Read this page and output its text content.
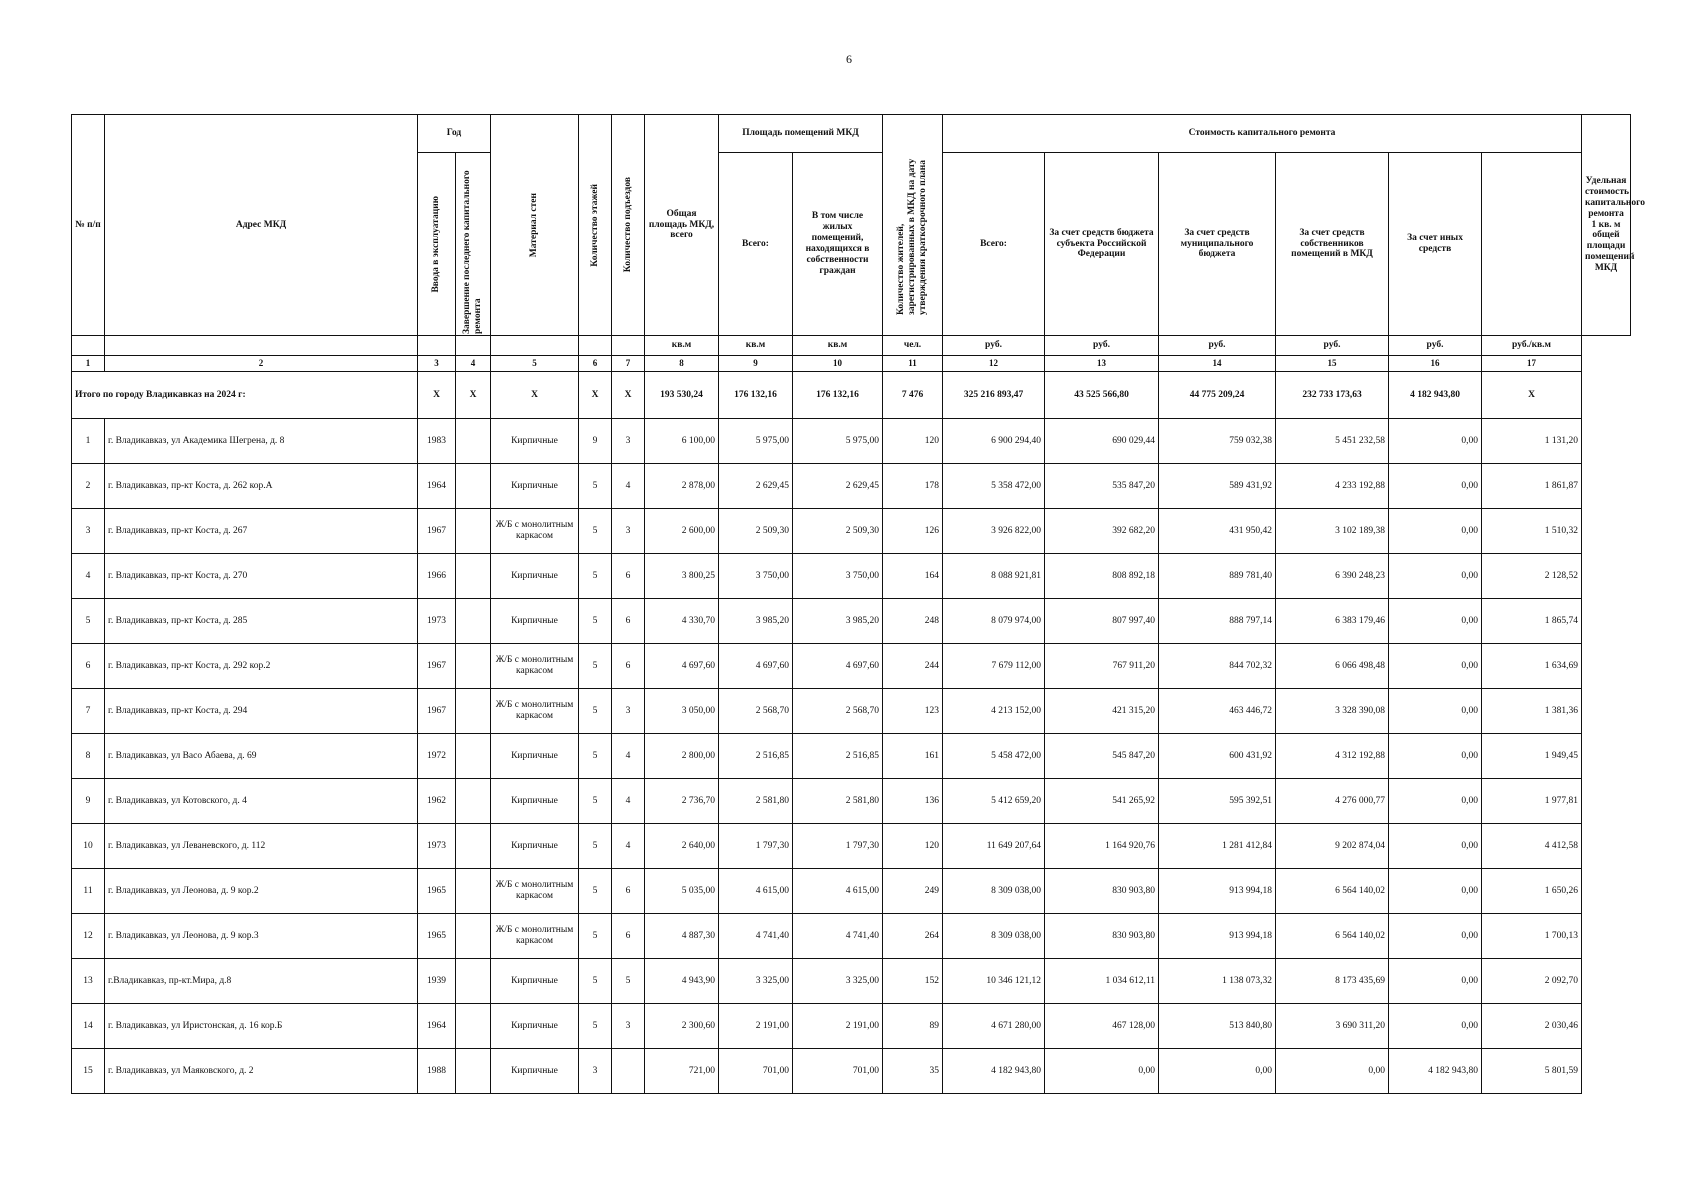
6
№ п/п	Адрес МКД	Год		Материал стен	Количество этажей	Количество подъездов	Общая площадь МКД, всего	Площадь помещений МКД		Количество жителей, зарегистрированных в МКД на дату утверждения краткосрочного плана	Стоимость капитального ремонта						Удельная стоимость капитального ремонта 1 кв. м общей площади помещений МКД

		Ввода в эксплуатацию	Завершение последнего капитального ремонта					Всего:	В том числе жилых помещений, находящихся в собственности граждан		Всего:	За счет средств бюджета субъекта Российской Федерации	За счет средств муниципального бюджета	За счет средств собственников помещений в МКД	За счет иных средств		
							кв.м	кв.м	кв.м	чел.	руб.	руб.	руб.	руб.	руб.	руб./кв.м	
1	2	3	4	5	6	7	8	9	10	11	12	13	14	15	16	17	
Итого по городу Владикавказ на 2024 г:		X	X	X	X	X	193 530,24	176 132,16	176 132,16	7 476	325 216 893,47	43 525 566,80	44 775 209,24	232 733 173,63	4 182 943,80	X	
1	г. Владикавказ, ул Академика Шегрена, д. 8	1983		Кирпичные	9	3	6 100,00	5 975,00	5 975,00	120	6 900 294,40	690 029,44	759 032,38	5 451 232,58	0,00	1 131,20	
2	г. Владикавказ, пр-кт Коста, д. 262 кор.А	1964		Кирпичные	5	4	2 878,00	2 629,45	2 629,45	178	5 358 472,00	535 847,20	589 431,92	4 233 192,88	0,00	1 861,87	
3	г. Владикавказ, пр-кт Коста, д. 267	1967		Ж/Б с монолитным каркасом	5	3	2 600,00	2 509,30	2 509,30	126	3 926 822,00	392 682,20	431 950,42	3 102 189,38	0,00	1 510,32	
4	г. Владикавказ, пр-кт Коста, д. 270	1966		Кирпичные	5	6	3 800,25	3 750,00	3 750,00	164	8 088 921,81	808 892,18	889 781,40	6 390 248,23	0,00	2 128,52	
5	г. Владикавказ, пр-кт Коста, д. 285	1973		Кирпичные	5	6	4 330,70	3 985,20	3 985,20	248	8 079 974,00	807 997,40	888 797,14	6 383 179,46	0,00	1 865,74	
6	г. Владикавказ, пр-кт Коста, д. 292 кор.2	1967		Ж/Б с монолитным каркасом	5	6	4 697,60	4 697,60	4 697,60	244	7 679 112,00	767 911,20	844 702,32	6 066 498,48	0,00	1 634,69	
7	г. Владикавказ, пр-кт Коста, д. 294	1967		Ж/Б с монолитным каркасом	5	3	3 050,00	2 568,70	2 568,70	123	4 213 152,00	421 315,20	463 446,72	3 328 390,08	0,00	1 381,36	
8	г. Владикавказ, ул Васо Абаева, д. 69	1972		Кирпичные	5	4	2 800,00	2 516,85	2 516,85	161	5 458 472,00	545 847,20	600 431,92	4 312 192,88	0,00	1 949,45	
9	г. Владикавказ, ул Котовского, д. 4	1962		Кирпичные	5	4	2 736,70	2 581,80	2 581,80	136	5 412 659,20	541 265,92	595 392,51	4 276 000,77	0,00	1 977,81	
10	г. Владикавказ, ул Леваневского, д. 112	1973		Кирпичные	5	4	2 640,00	1 797,30	1 797,30	120	11 649 207,64	1 164 920,76	1 281 412,84	9 202 874,04	0,00	4 412,58	
11	г. Владикавказ, ул Леонова, д. 9 кор.2	1965		Ж/Б с монолитным каркасом	5	6	5 035,00	4 615,00	4 615,00	249	8 309 038,00	830 903,80	913 994,18	6 564 140,02	0,00	1 650,26	
12	г. Владикавказ, ул Леонова, д. 9 кор.3	1965		Ж/Б с монолитным каркасом	5	6	4 887,30	4 741,40	4 741,40	264	8 309 038,00	830 903,80	913 994,18	6 564 140,02	0,00	1 700,13	
13	г.Владикавказ, пр-кт.Мира, д.8	1939		Кирпичные	5	5	4 943,90	3 325,00	3 325,00	152	10 346 121,12	1 034 612,11	1 138 073,32	8 173 435,69	0,00	2 092,70	
14	г. Владикавказ, ул Иристонская, д. 16 кор.Б	1964		Кирпичные	5	3	2 300,60	2 191,00	2 191,00	89	4 671 280,00	467 128,00	513 840,80	3 690 311,20	0,00	2 030,46	
15	г. Владикавказ, ул Маяковского, д. 2	1988		Кирпичные	3		721,00	701,00	701,00	35	4 182 943,80	0,00	0,00	0,00	4 182 943,80	5 801,59	
